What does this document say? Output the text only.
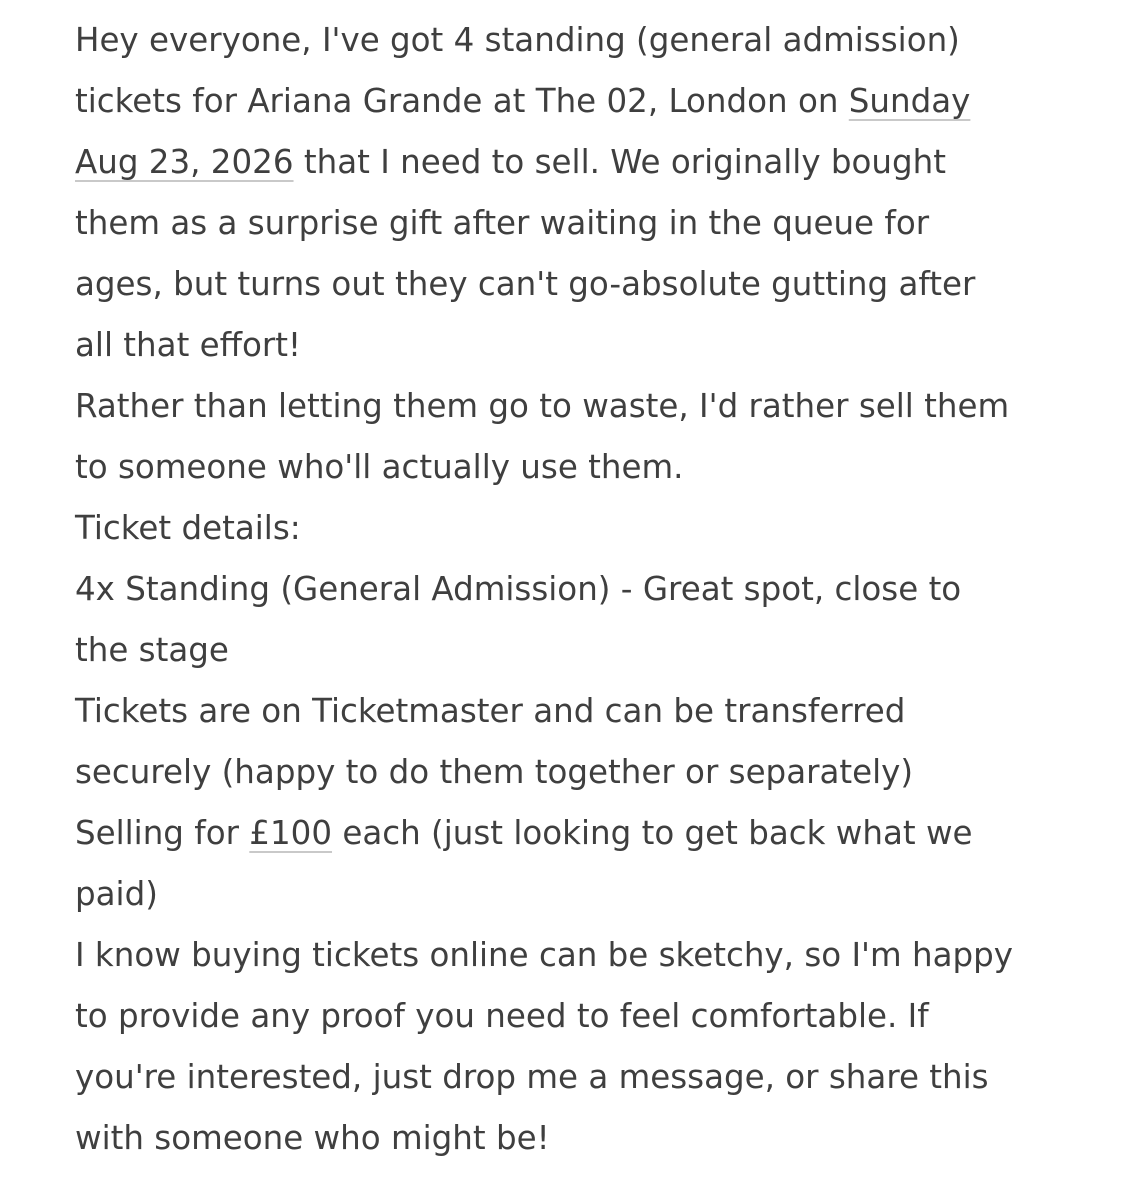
Hey everyone, I've got 4 standing (general admission)
tickets for Ariana Grande at The 02, London on Sunday
Aug 23, 2026 that I need to sell. We originally bought
them as a surprise gift after waiting in the queue for
ages, but turns out they can't go-absolute gutting after
all that effort!
Rather than letting them go to waste, I'd rather sell them
to someone who'll actually use them.
Ticket details:
4x Standing (General Admission) - Great spot, close to
the stage
Tickets are on Ticketmaster and can be transferred
securely (happy to do them together or separately)
Selling for £100 each (just looking to get back what we
paid)
I know buying tickets online can be sketchy, so I'm happy
to provide any proof you need to feel comfortable. If
you're interested, just drop me a message, or share this
with someone who might be!
